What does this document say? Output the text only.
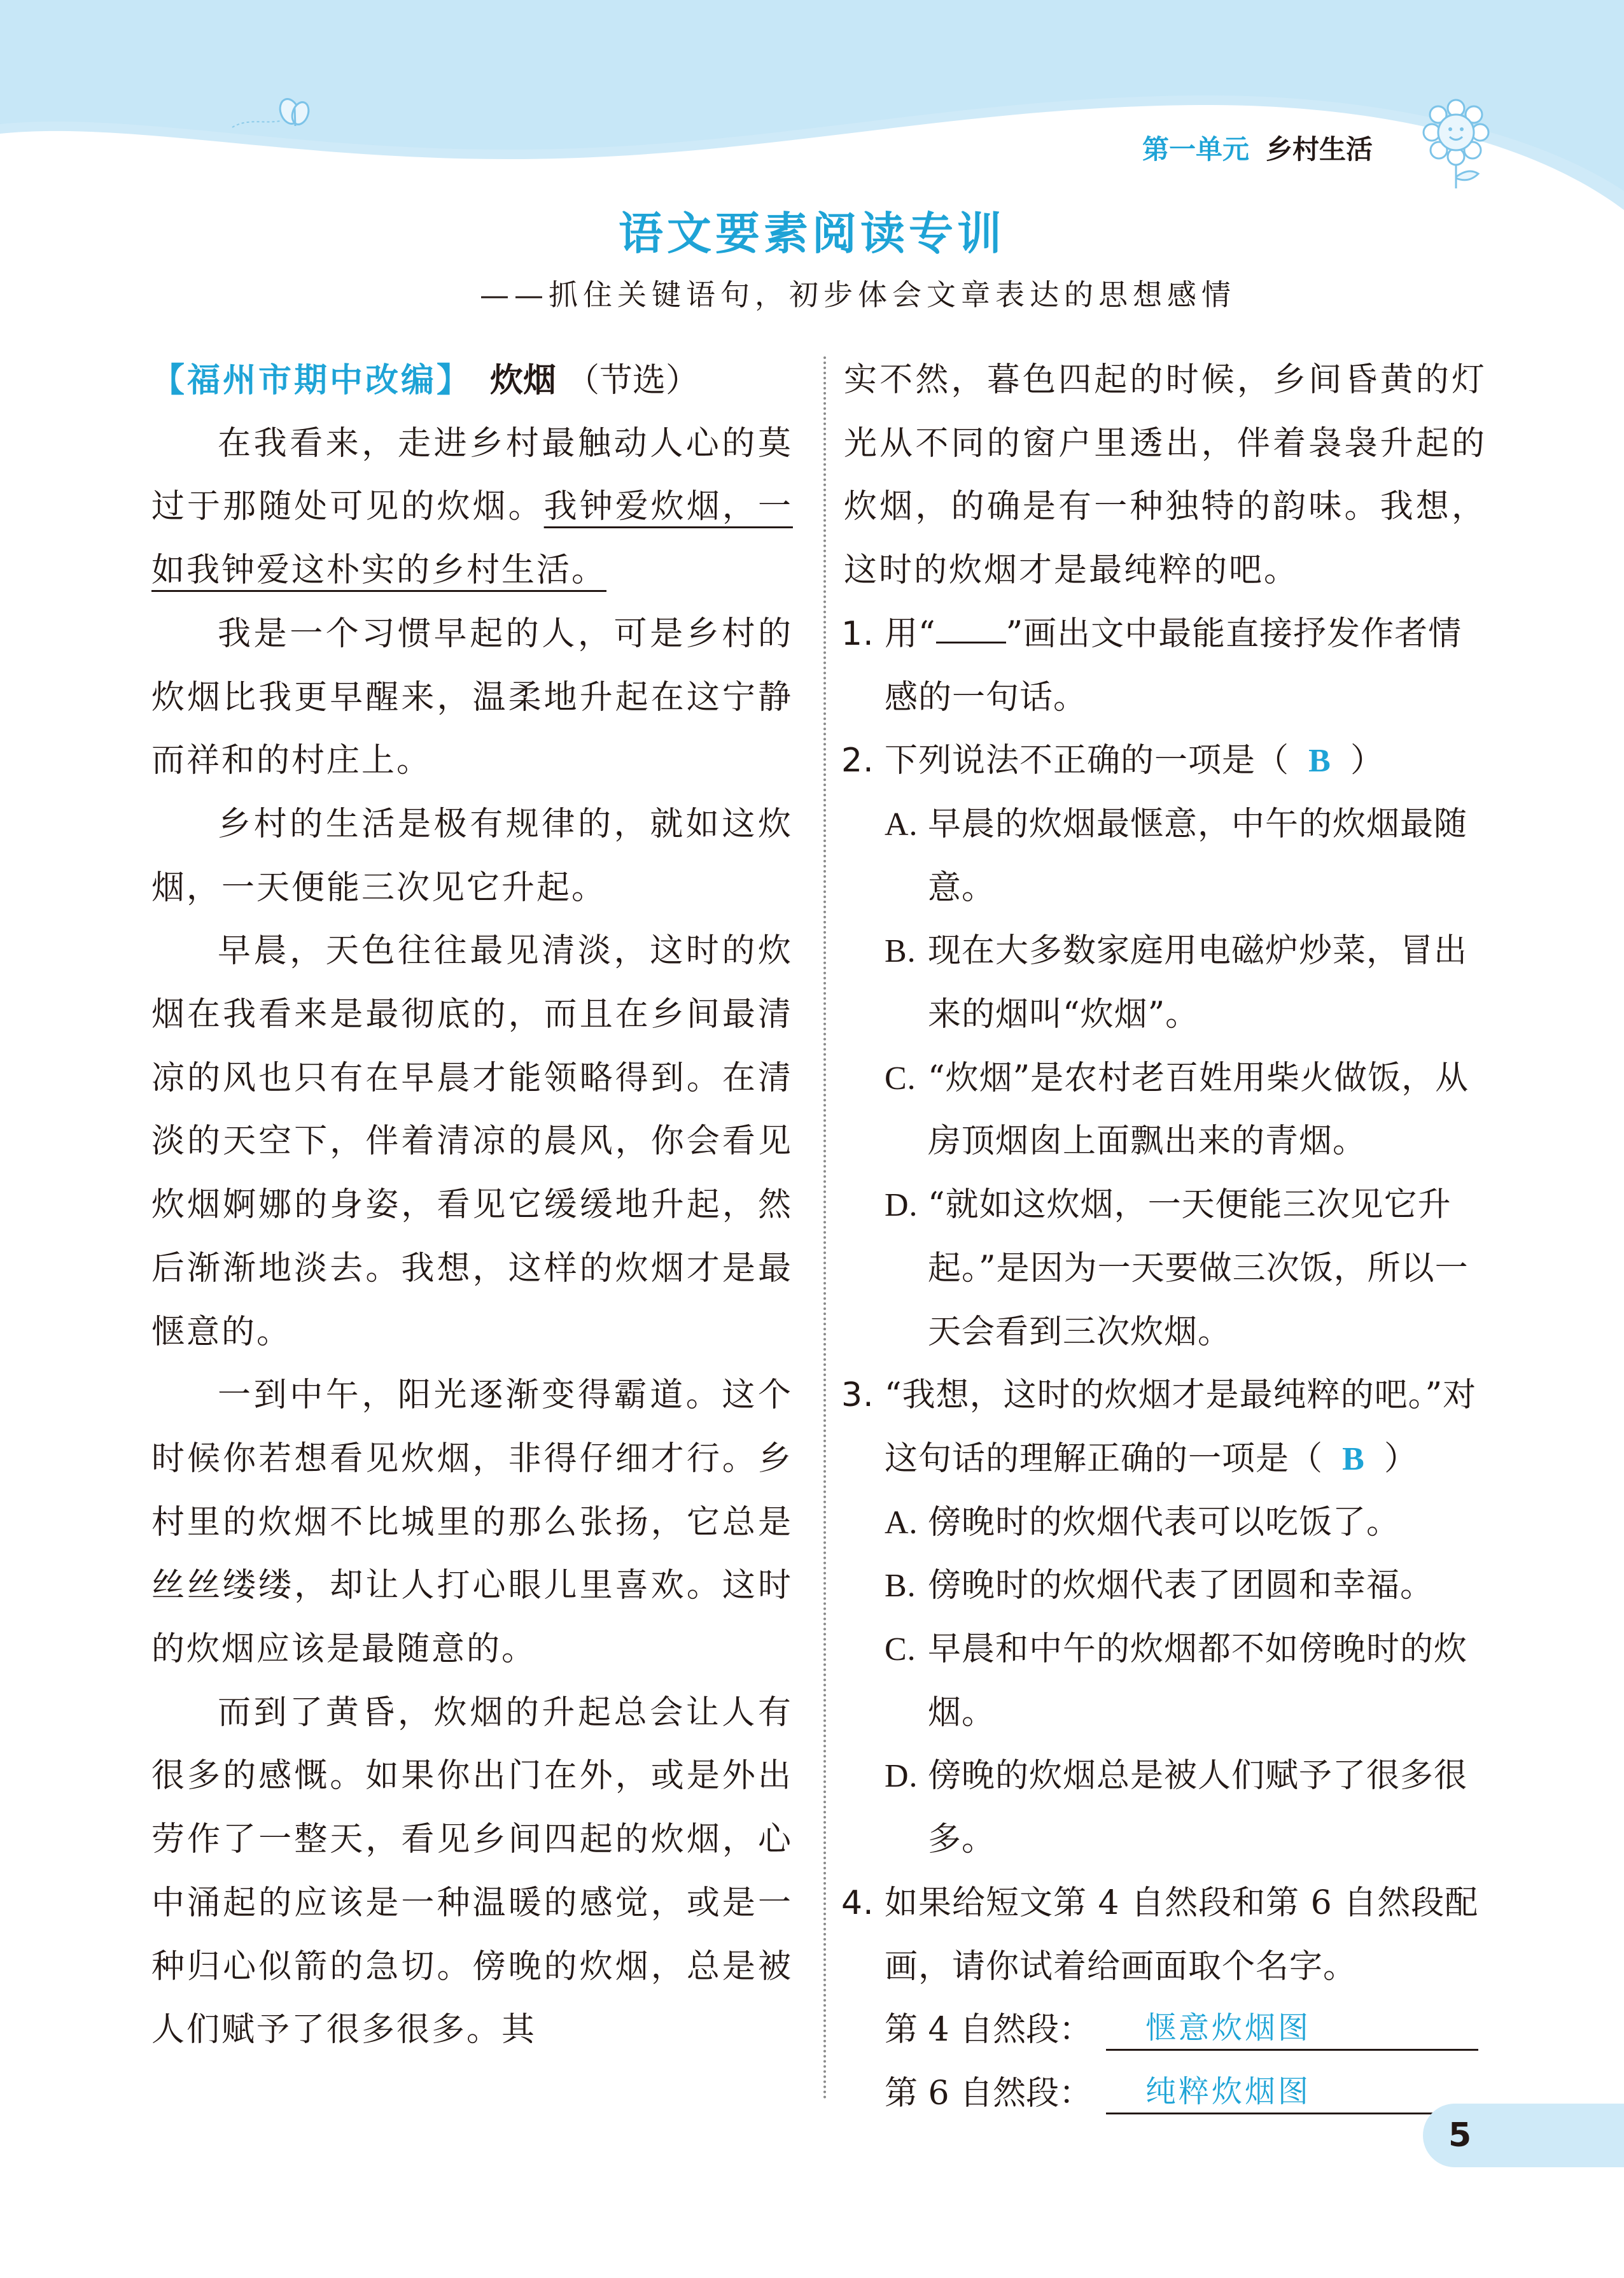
第一单元 乡村生活
语文要素阅读专训
——抓住关键语句，初步体会文章表达的思想感情
【福州市期中改编】 炊烟 （节选）

在我看来，走进乡村最触动人心的莫过于那随处可见的炊烟。我钟爱炊烟，一如我钟爱这朴实的乡村生活。

我是一个习惯早起的人，可是乡村的炊烟比我更早醒来，温柔地升起在这宁静而祥和的村庄上。

乡村的生活是极有规律的，就如这炊烟，一天便能三次见它升起。

早晨，天色往往最见清淡，这时的炊烟在我看来是最彻底的，而且在乡间最清凉的风也只有在早晨才能领略得到。在清淡的天空下，伴着清凉的晨风，你会看见炊烟婀娜的身姿，看见它缓缓地升起，然后渐渐地淡去。我想，这样的炊烟才是最惬意的。

一到中午，阳光逐渐变得霸道。这个时候你若想看见炊烟，非得仔细才行。乡村里的炊烟不比城里的那么张扬，它总是丝丝缕缕，却让人打心眼儿里喜欢。这时的炊烟应该是最随意的。

而到了黄昏，炊烟的升起总会让人有很多的感慨。如果你出门在外，或是外出劳作了一整天，看见乡间四起的炊烟，心中涌起的应该是一种温暖的感觉，或是一种归心似箭的急切。傍晚的炊烟，总是被人们赋予了很多很多。其

实不然，暮色四起的时候，乡间昏黄的灯光从不同的窗户里透出，伴着袅袅升起的炊烟，的确是有一种独特的韵味。我想，这时的炊烟才是最纯粹的吧。

1. 用“ ”画出文中最能直接抒发作者情感的一句话。

2. 下列说法不正确的一项是（ B ）

A. 早晨的炊烟最惬意，中午的炊烟最随意。

B. 现在大多数家庭用电磁炉炒菜，冒出来的烟叫“炊烟”。

C. “炊烟”是农村老百姓用柴火做饭，从房顶烟囱上面飘出来的青烟。

D. “就如这炊烟，一天便能三次见它升起。”是因为一天要做三次饭，所以一天会看到三次炊烟。

3. “我想，这时的炊烟才是最纯粹的吧。”对这句话的理解正确的一项是（ B ）

A. 傍晚时的炊烟代表可以吃饭了。

B. 傍晚时的炊烟代表了团圆和幸福。

C. 早晨和中午的炊烟都不如傍晚时的炊烟。

D. 傍晚的炊烟总是被人们赋予了很多很多。

4. 如果给短文第 4 自然段和第 6 自然段配画，请你试着给画面取个名字。

第 4 自然段：	惬意炊烟图
第 6 自然段：	纯粹炊烟图
5
